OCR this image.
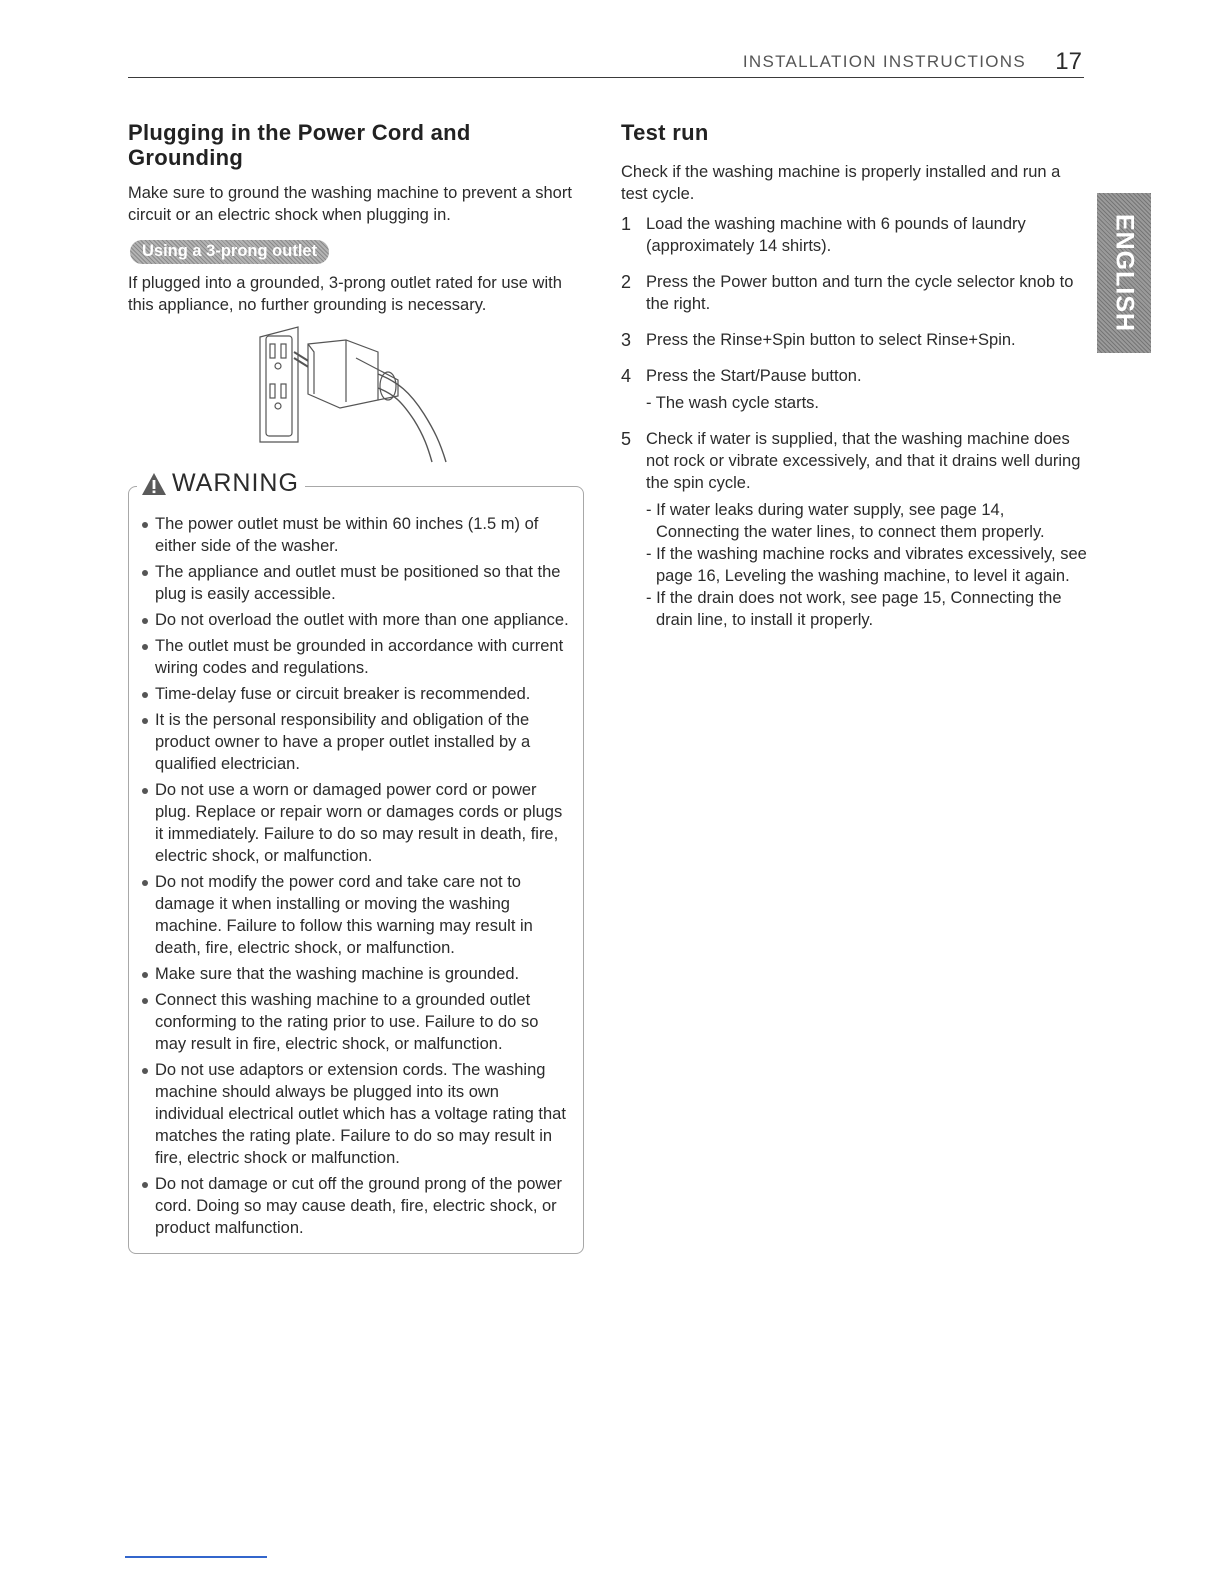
INSTALLATION INSTRUCTIONS 17
ENGLISH
Plugging in the Power Cord and Grounding

Make sure to ground the washing machine to prevent a short circuit or an electric shock when plugging in.

Using a 3-prong outlet

If plugged into a grounded, 3-prong outlet rated for use with this appliance, no further grounding is necessary.

WARNING
The power outlet must be within 60 inches (1.5 m) of either side of the washer.
The appliance and outlet must be positioned so that the plug is easily accessible.
Do not overload the outlet with more than one appliance.
The outlet must be grounded in accordance with current wiring codes and regulations.
Time-delay fuse or circuit breaker is recommended.
It is the personal responsibility and obligation of the product owner to have a proper outlet installed by a qualified electrician.
Do not use a worn or damaged power cord or power plug. Replace or repair worn or damages cords or plugs it immediately. Failure to do so may result in death, fire, electric shock, or malfunction.
Do not modify the power cord and take care not to damage it when installing or moving the washing machine. Failure to follow this warning may result in death, fire, electric shock, or malfunction.
Make sure that the washing machine is grounded.
Connect this washing machine to a grounded outlet conforming to the rating prior to use. Failure to do so may result in fire, electric shock, or malfunction.
Do not use adaptors or extension cords. The washing machine should always be plugged into its own individual electrical outlet which has a voltage rating that matches the rating plate. Failure to do so may result in fire, electric shock or malfunction.
Do not damage or cut off the ground prong of the power cord. Doing so may cause death, fire, electric shock, or product malfunction.
Test run

Check if the washing machine is properly installed and run a test cycle.

1 Load the washing machine with 6 pounds of laundry (approximately 14 shirts).
2 Press the Power button and turn the cycle selector knob to the right.
3 Press the Rinse+Spin button to select Rinse+Spin.
4 Press the Start/Pause button.
- The wash cycle starts.
5 Check if water is supplied, that the washing machine does not rock or vibrate excessively, and that it drains well during the spin cycle.
- If water leaks during water supply, see page 14, Connecting the water lines, to connect them properly.
- If the washing machine rocks and vibrates excessively, see page 16, Leveling the washing machine, to level it again.
- If the drain does not work, see page 15, Connecting the drain line, to install it properly.
